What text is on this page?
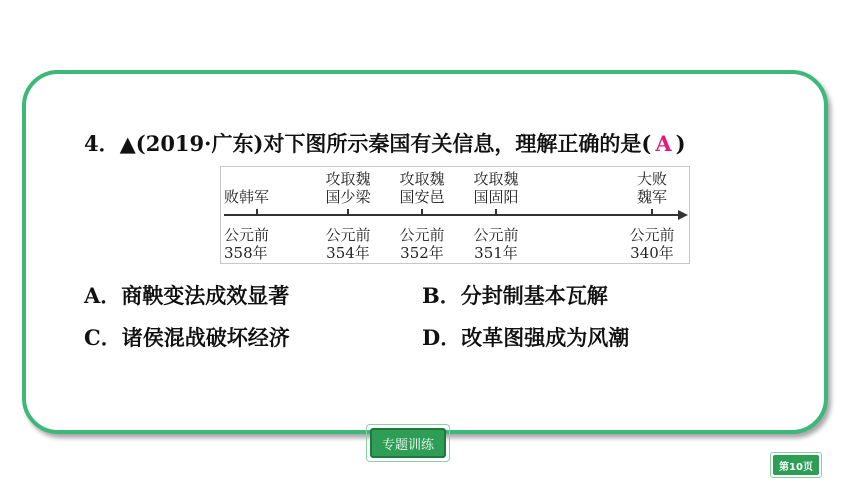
4．▲(2019·广东)对下图所示秦国有关信息，理解正确的是( A )
败韩军
公元前
358年
攻取魏
国少梁
公元前
354年
攻取魏
国安邑
公元前
352年
攻取魏
国固阳
公元前
351年
大败
魏军
公元前
340年
A．商鞅变法成效显著	B．分封制基本瓦解
C．诸侯混战破坏经济	D．改革图强成为风潮
专题训练
第10页
